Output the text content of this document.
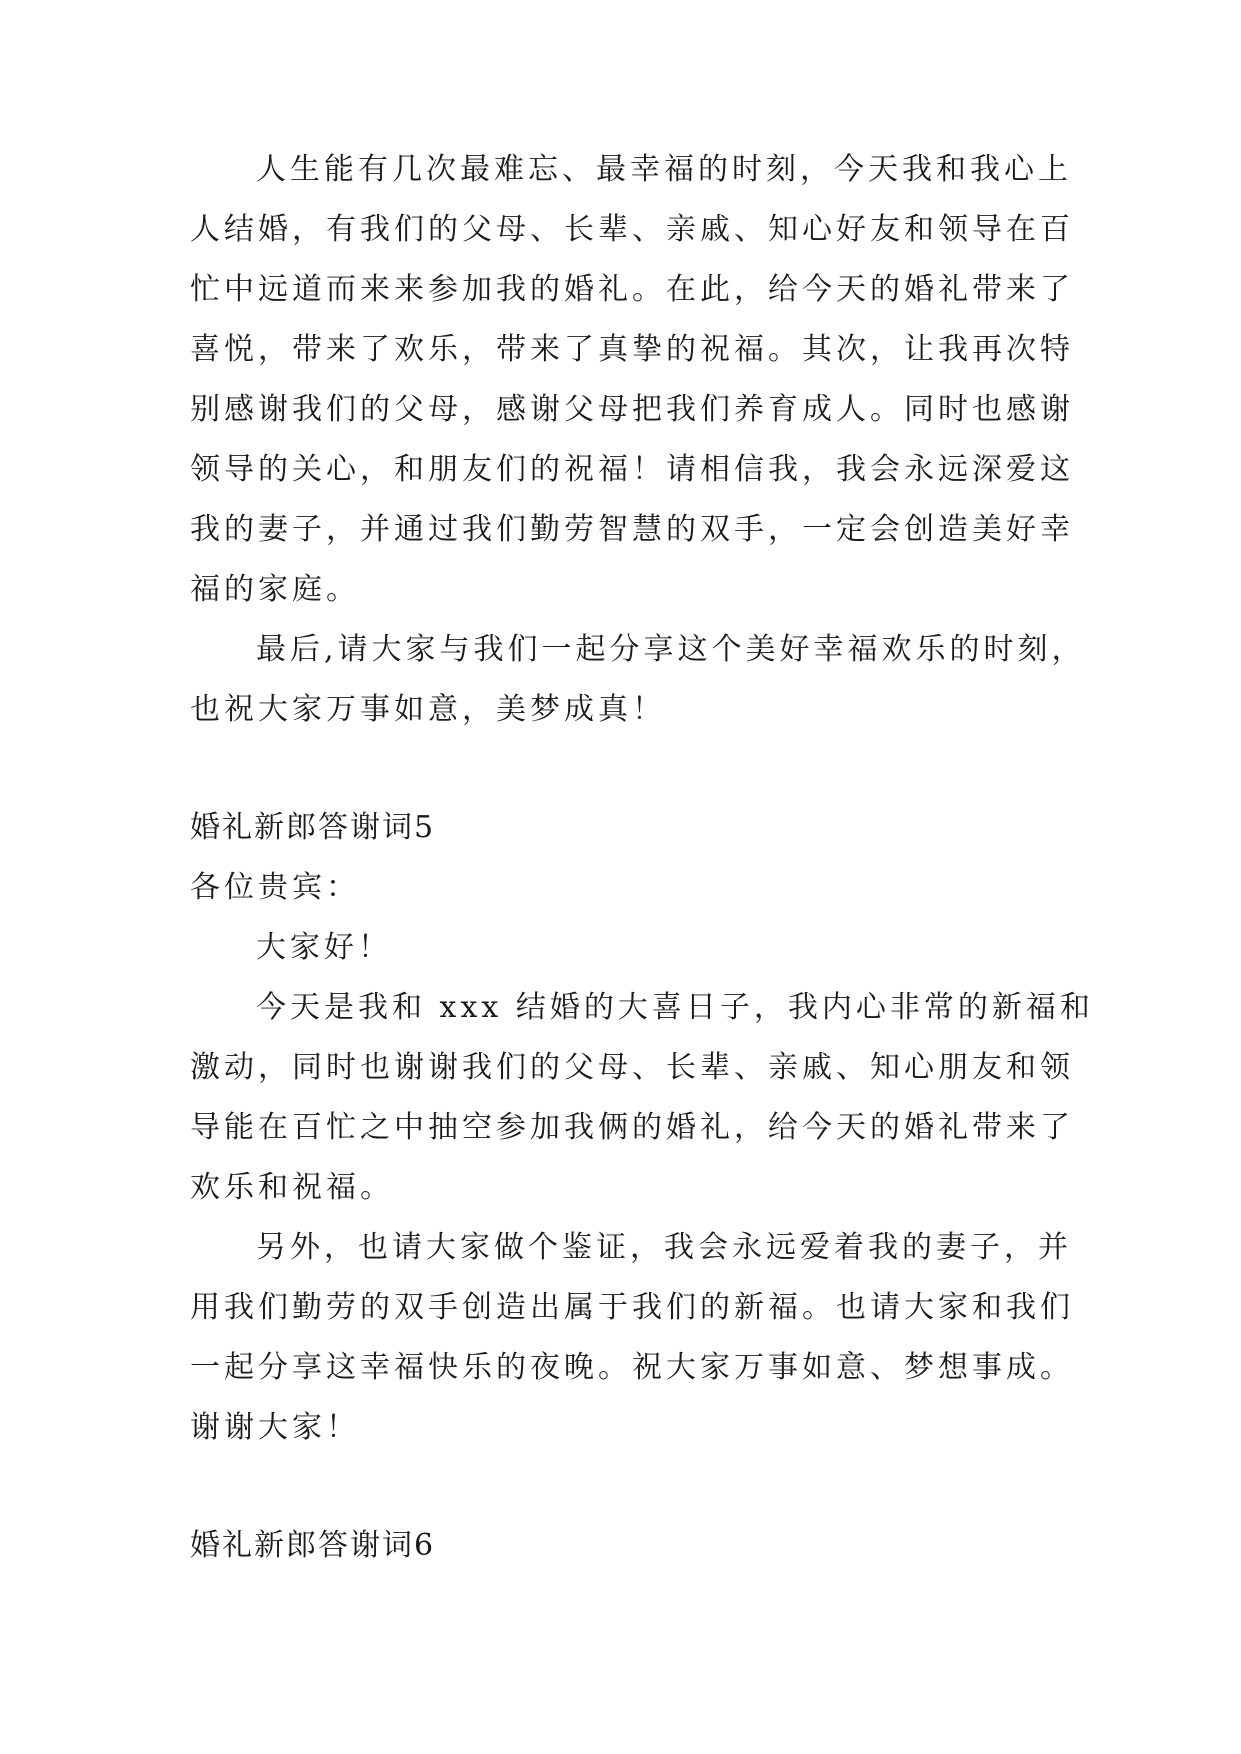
人生能有几次最难忘、最幸福的时刻，今天我和我心上
人结婚，有我们的父母、长辈、亲戚、知心好友和领导在百
忙中远道而来来参加我的婚礼。在此，给今天的婚礼带来了
喜悦，带来了欢乐，带来了真挚的祝福。其次，让我再次特
别感谢我们的父母，感谢父母把我们养育成人。同时也感谢
领导的关心，和朋友们的祝福！请相信我，我会永远深爱这
我的妻子，并通过我们勤劳智慧的双手，一定会创造美好幸
福的家庭。
最后,请大家与我们一起分享这个美好幸福欢乐的时刻，
也祝大家万事如意，美梦成真！
婚礼新郎答谢词5
各位贵宾：
大家好！
今天是我和 xxx 结婚的大喜日子，我内心非常的新福和
激动，同时也谢谢我们的父母、长辈、亲戚、知心朋友和领
导能在百忙之中抽空参加我俩的婚礼，给今天的婚礼带来了
欢乐和祝福。
另外，也请大家做个鉴证，我会永远爱着我的妻子，并
用我们勤劳的双手创造出属于我们的新福。也请大家和我们
一起分享这幸福快乐的夜晚。祝大家万事如意、梦想事成。
谢谢大家！
婚礼新郎答谢词6
